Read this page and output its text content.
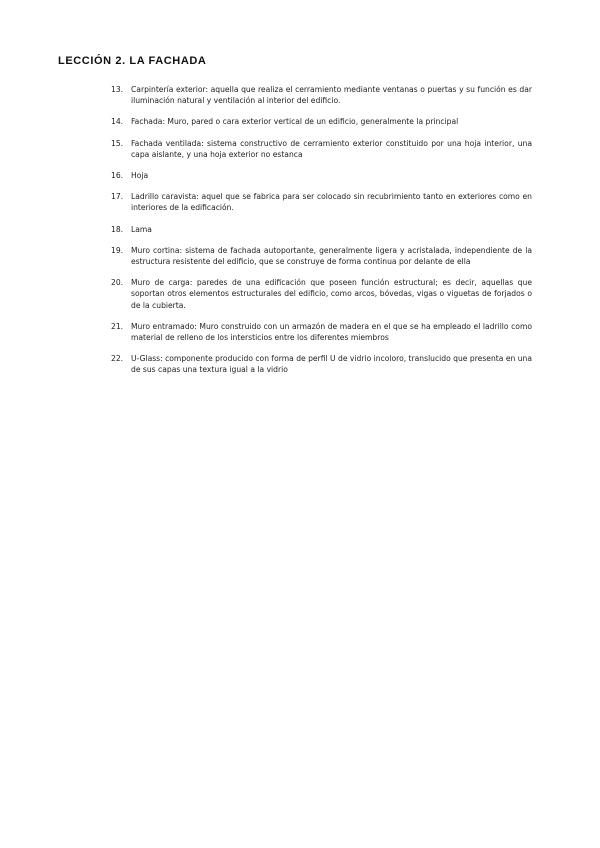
LECCIÓN 2. LA FACHADA
13.	Carpintería exterior: aquella que realiza el cerramiento mediante ventanas o puertas y su función es dar iluminación natural y ventilación al interior del edificio.
14.	Fachada: Muro, pared o cara exterior vertical de un edificio, generalmente la principal
15.	Fachada ventilada: sistema constructivo de cerramiento exterior constituido por una hoja interior, una capa aislante, y una hoja exterior no estanca
16.	Hoja
17.	Ladrillo caravista: aquel que se fabrica para ser colocado sin recubrimiento tanto en exteriores como en interiores de la edificación.
18.	Lama
19.	Muro cortina: sistema de fachada autoportante, generalmente ligera y acristalada, independiente de la estructura resistente del edificio, que se construye de forma continua por delante de ella
20.	Muro de carga: paredes de una edificación que poseen función estructural; es decir, aquellas que soportan otros elementos estructurales del edificio, como arcos, bóvedas, vigas o viguetas de forjados o de la cubierta.
21.	Muro entramado: Muro construido con un armazón de madera en el que se ha empleado el ladrillo como material de relleno de los intersticios entre los diferentes miembros
22.	U-Glass: componente producido con forma de perfil U de vidrio incoloro, translucido que presenta en una de sus capas una textura igual a la vidrio
